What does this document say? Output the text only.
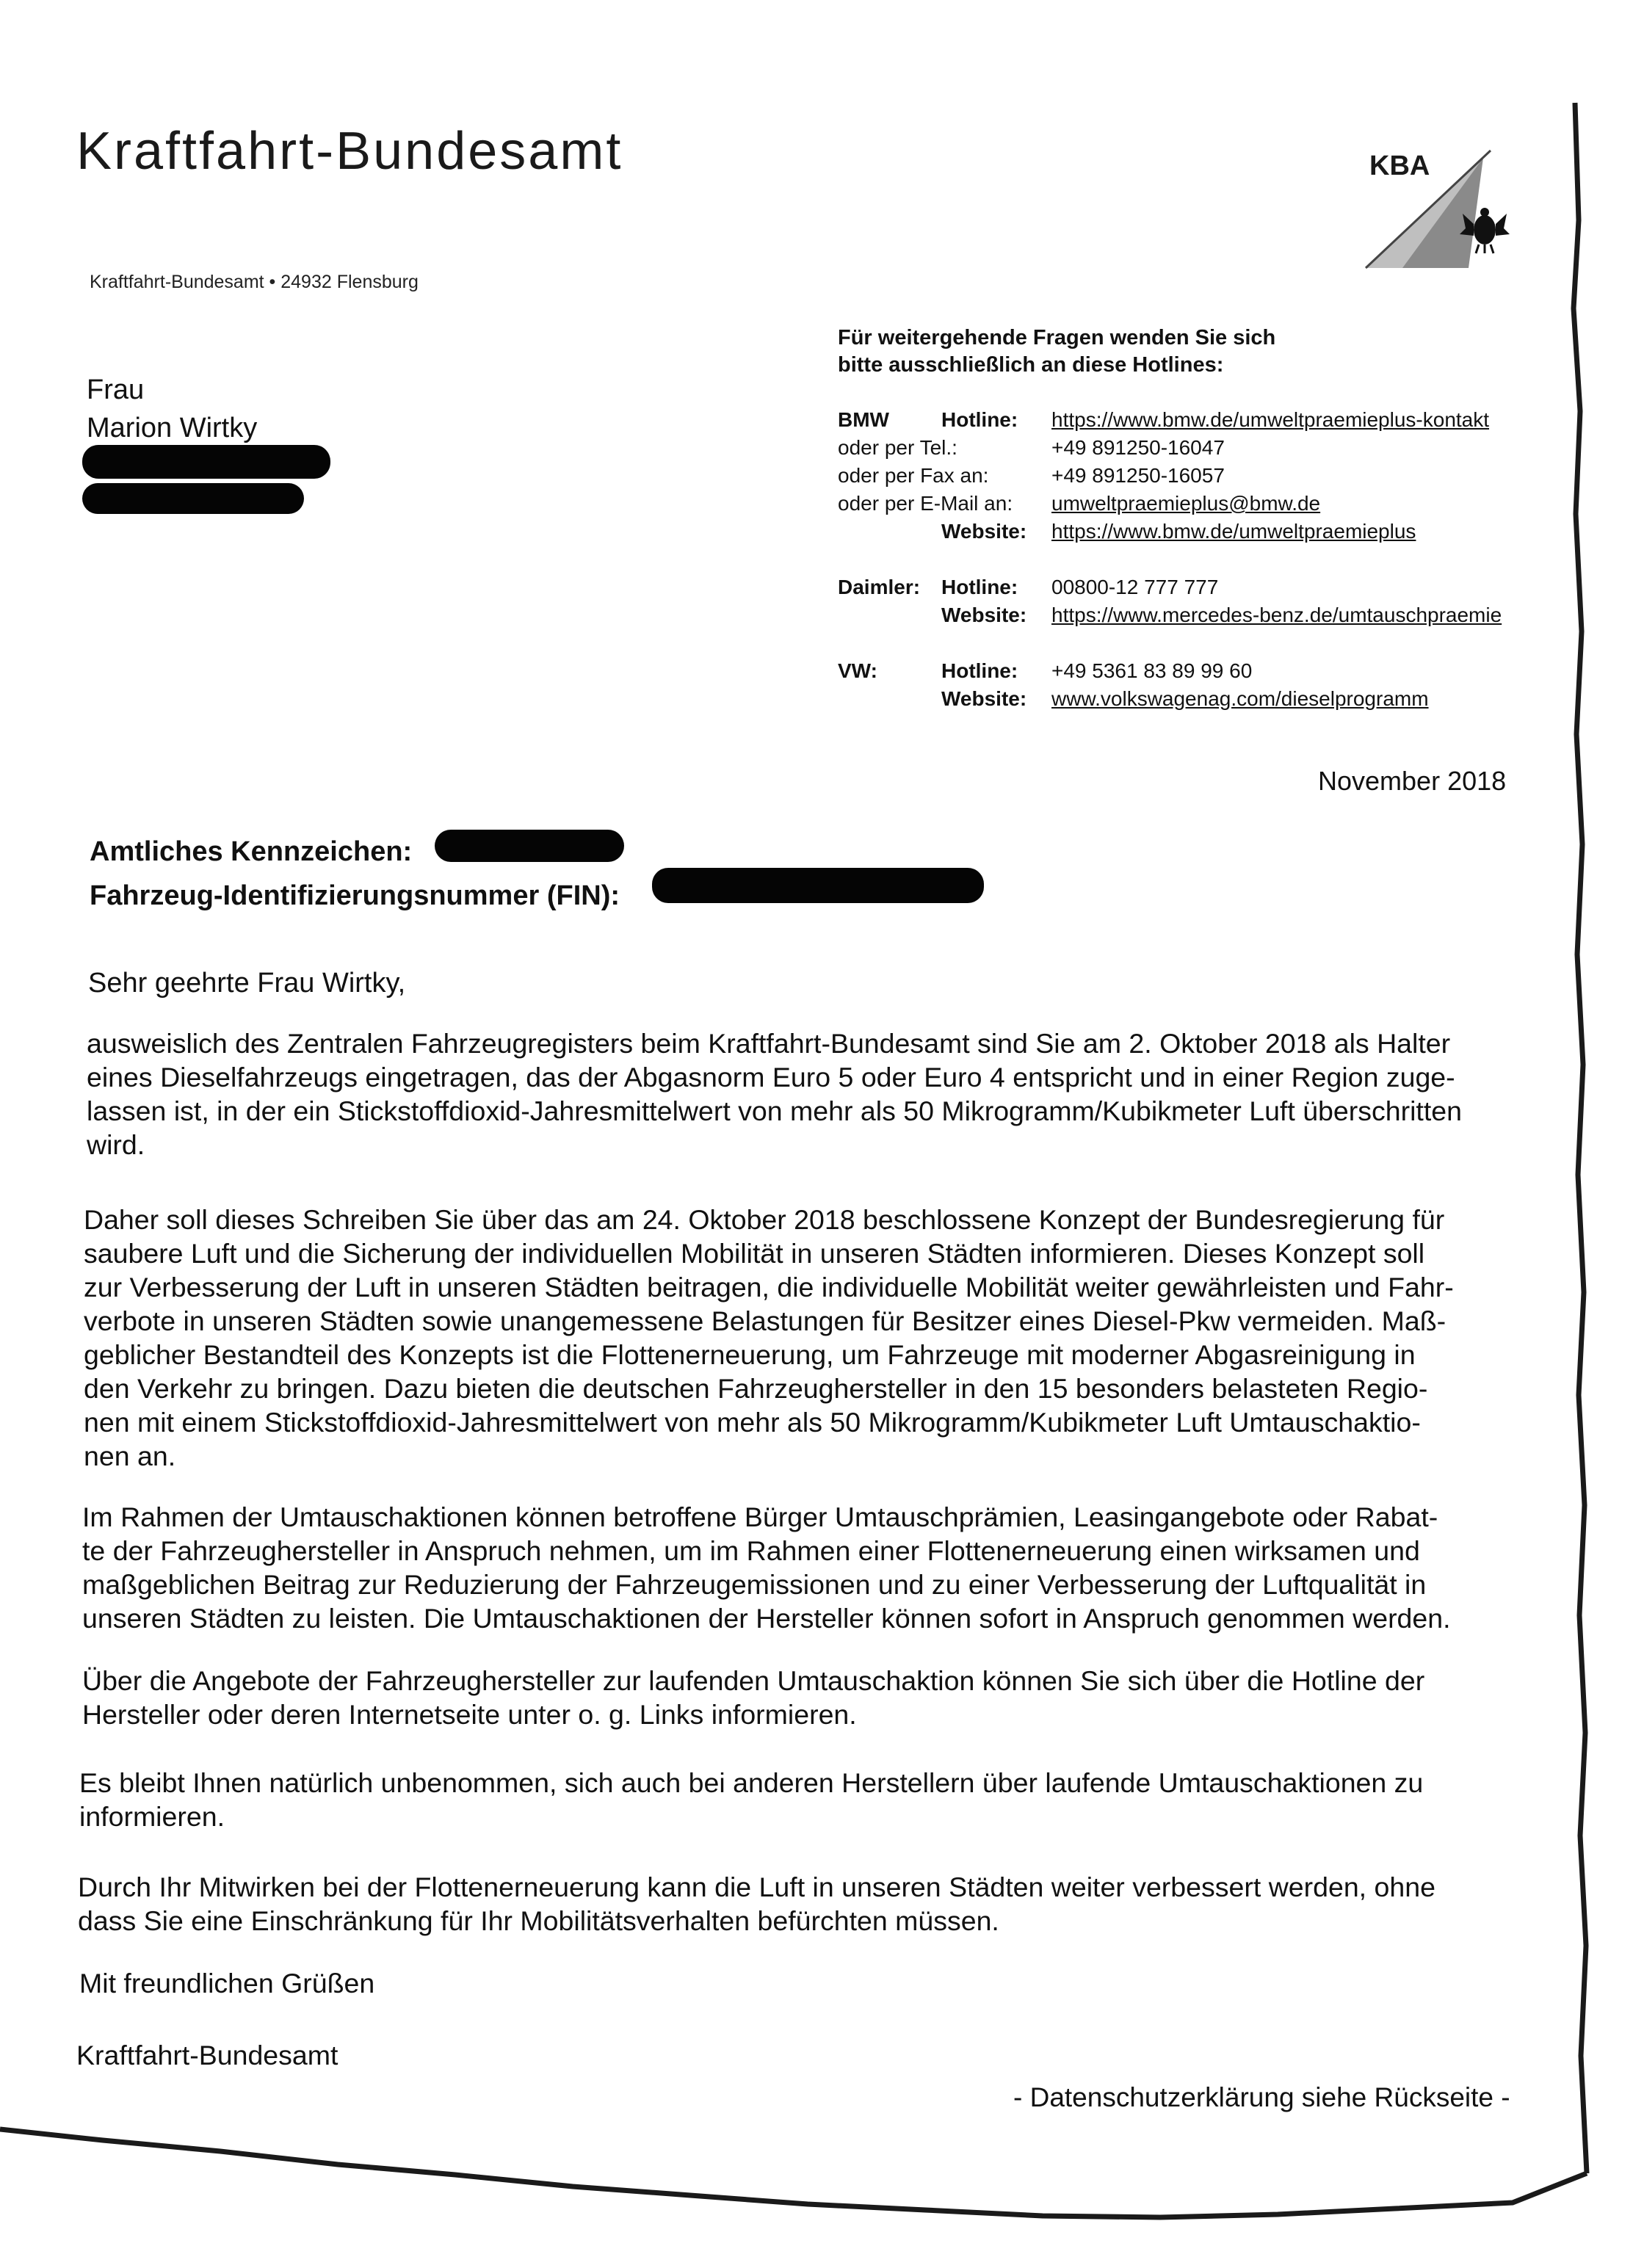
Kraftfahrt-Bundesamt	KBA
Kraftfahrt-Bundesamt • 24932 Flensburg
Frau
Marion Wirtky
Für weitergehende Fragen wenden Sie sich
bitte ausschließlich an diese Hotlines:
BMW	Hotline: https://www.bmw.de/umweltpraemieplus-kontakt
oder per Tel.:	+49 891250-16047
oder per Fax an:	+49 891250-16057
oder per E-Mail an: umweltpraemieplus@bmw.de
Website: https://www.bmw.de/umweltpraemieplus
Daimler: Hotline: 00800-12 777 777
Website: https://www.mercedes-benz.de/umtauschpraemie
VW:	Hotline: +49 5361 83 89 99 60
Website: www.volkswagenag.com/dieselprogramm
November 2018
Amtliches Kennzeichen:
Fahrzeug-Identifizierungsnummer (FIN):
Sehr geehrte Frau Wirtky,
ausweislich des Zentralen Fahrzeugregisters beim Kraftfahrt-Bundesamt sind Sie am 2. Oktober 2018 als Halter
eines Dieselfahrzeugs eingetragen, das der Abgasnorm Euro 5 oder Euro 4 entspricht und in einer Region zuge-
lassen ist, in der ein Stickstoffdioxid-Jahresmittelwert von mehr als 50 Mikrogramm/Kubikmeter Luft überschritten
wird.
Daher soll dieses Schreiben Sie über das am 24. Oktober 2018 beschlossene Konzept der Bundesregierung für
saubere Luft und die Sicherung der individuellen Mobilität in unseren Städten informieren. Dieses Konzept soll
zur Verbesserung der Luft in unseren Städten beitragen, die individuelle Mobilität weiter gewährleisten und Fahr-
verbote in unseren Städten sowie unangemessene Belastungen für Besitzer eines Diesel-Pkw vermeiden. Maß-
geblicher Bestandteil des Konzepts ist die Flottenerneuerung, um Fahrzeuge mit moderner Abgasreinigung in
den Verkehr zu bringen. Dazu bieten die deutschen Fahrzeughersteller in den 15 besonders belasteten Regio-
nen mit einem Stickstoffdioxid-Jahresmittelwert von mehr als 50 Mikrogramm/Kubikmeter Luft Umtauschaktio-
nen an.
Im Rahmen der Umtauschaktionen können betroffene Bürger Umtauschprämien, Leasingangebote oder Rabat-
te der Fahrzeughersteller in Anspruch nehmen, um im Rahmen einer Flottenerneuerung einen wirksamen und
maßgeblichen Beitrag zur Reduzierung der Fahrzeugemissionen und zu einer Verbesserung der Luftqualität in
unseren Städten zu leisten. Die Umtauschaktionen der Hersteller können sofort in Anspruch genommen werden.
Über die Angebote der Fahrzeughersteller zur laufenden Umtauschaktion können Sie sich über die Hotline der
Hersteller oder deren Internetseite unter o. g. Links informieren.
Es bleibt Ihnen natürlich unbenommen, sich auch bei anderen Herstellern über laufende Umtauschaktionen zu
informieren.
Durch Ihr Mitwirken bei der Flottenerneuerung kann die Luft in unseren Städten weiter verbessert werden, ohne
dass Sie eine Einschränkung für Ihr Mobilitätsverhalten befürchten müssen.
Mit freundlichen Grüßen
Kraftfahrt-Bundesamt
- Datenschutzerklärung siehe Rückseite -
